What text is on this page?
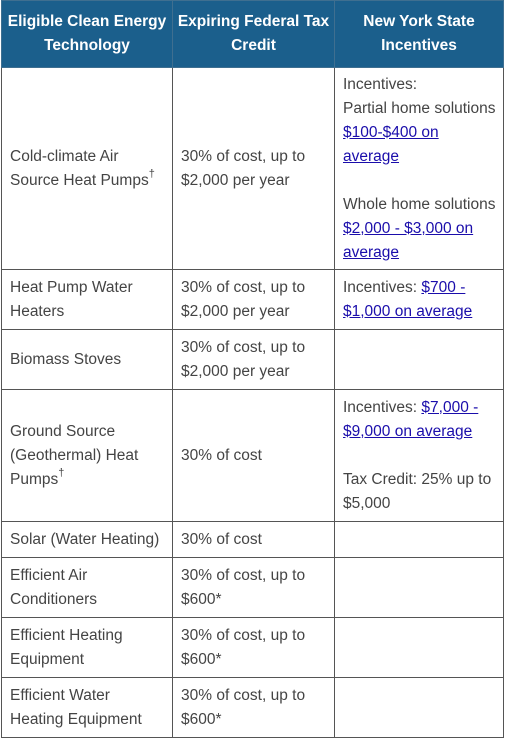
Eligible Clean Energy Technology	Expiring Federal Tax Credit	New York State Incentives
Cold-climate Air Source Heat Pumps†	30% of cost, up to $2,000 per year	Incentives:
Partial home solutions $100-$400 on average
Whole home solutions $2,000 - $3,000 on average

Heat Pump Water Heaters	30% of cost, up to $2,000 per year	Incentives: $700 - $1,000 on average
Biomass Stoves	30% of cost, up to $2,000 per year	
Ground Source (Geothermal) Heat Pumps†	30% of cost	Incentives: $7,000 - $9,000 on average
Tax Credit: 25% up to $5,000

Solar (Water Heating)	30% of cost	
Efficient Air Conditioners	30% of cost, up to $600*	
Efficient Heating Equipment	30% of cost, up to $600*	
Efficient Water Heating Equipment	30% of cost, up to $600*	
